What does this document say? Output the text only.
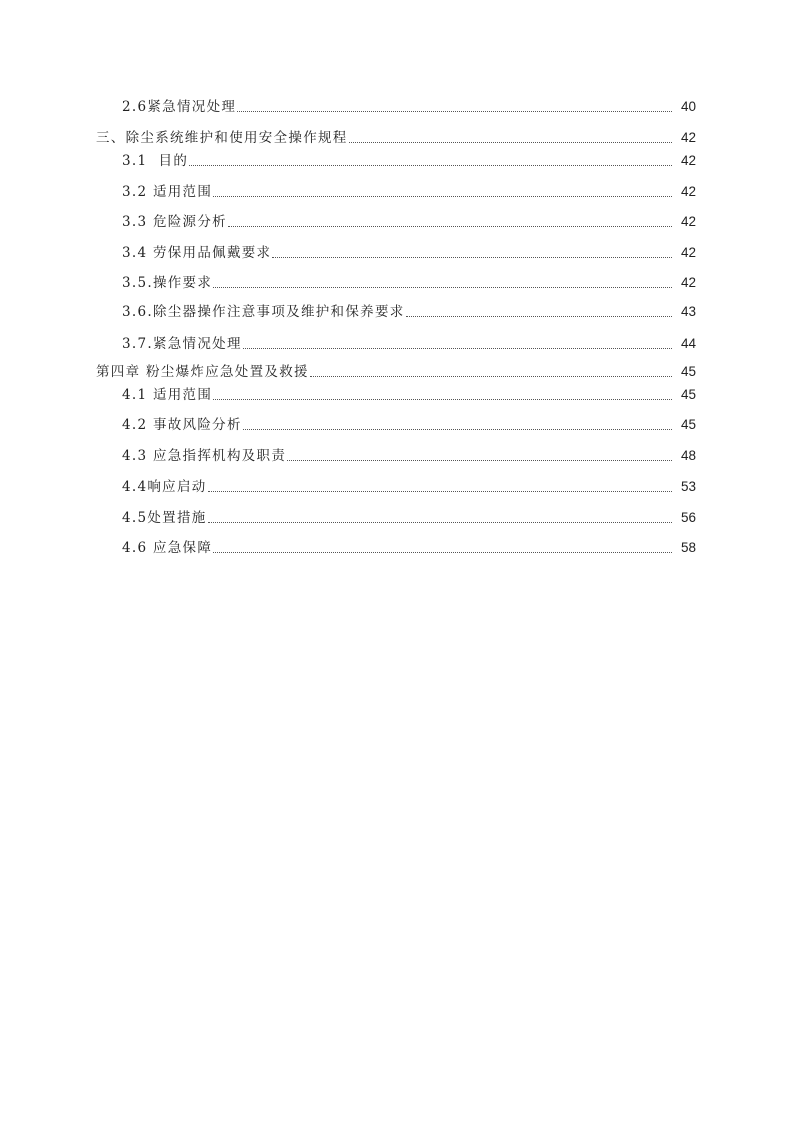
2.6紧急情况处理	40
三、除尘系统维护和使用安全操作规程	42
3.1  目的	42
3.2 适用范围	42
3.3 危险源分析	42
3.4 劳保用品佩戴要求	42
3.5.操作要求	42
3.6.除尘器操作注意事项及维护和保养要求	43
3.7.紧急情况处理	44
第四章 粉尘爆炸应急处置及救援	45
4.1 适用范围	45
4.2 事故风险分析	45
4.3 应急指挥机构及职责	48
4.4响应启动	53
4.5处置措施	56
4.6 应急保障	58
